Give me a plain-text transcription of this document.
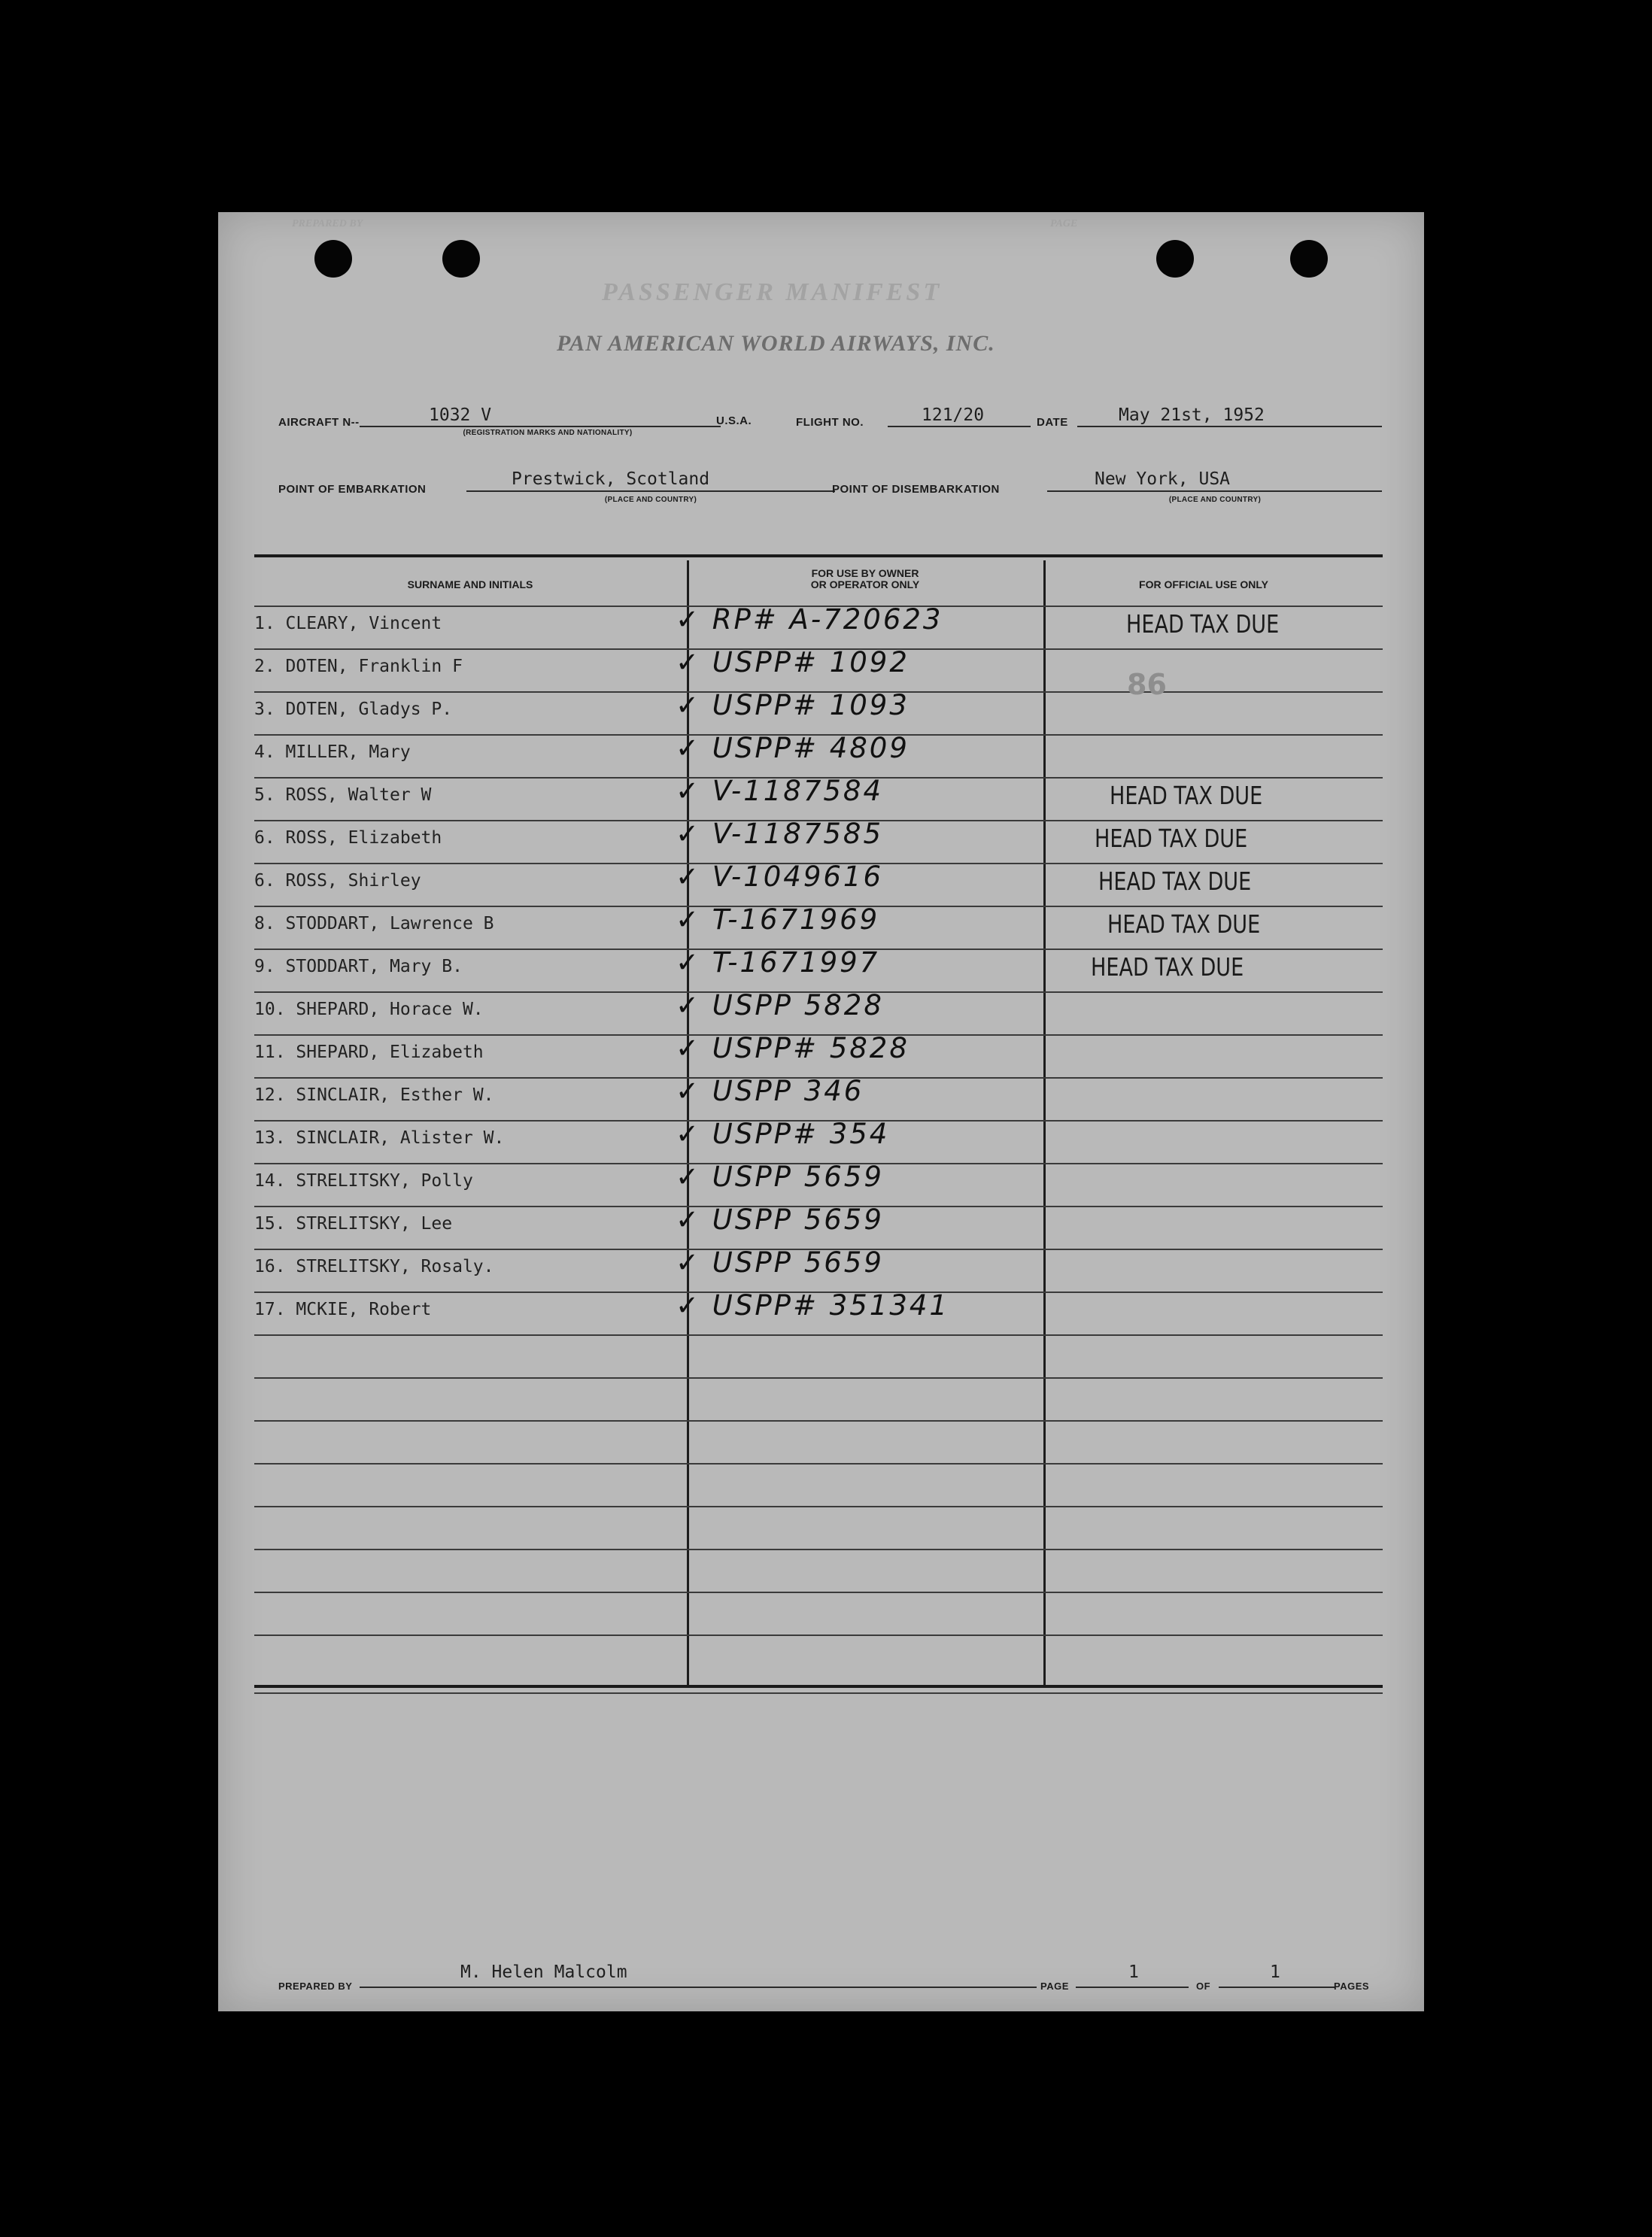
PREPARED BY	PAGE
PASSENGER MANIFEST
PAN AMERICAN WORLD AIRWAYS, INC.
AIRCRAFT N--	1032 V
(REGISTRATION MARKS AND NATIONALITY)
U.S.A.	FLIGHT NO.	121/20	DATE	May 21st, 1952
POINT OF EMBARKATION
Prestwick, Scotland
(PLACE AND COUNTRY)
POINT OF DISEMBARKATION
New York, USA
(PLACE AND COUNTRY)
SURNAME AND INITIALS
FOR USE BY OWNER
OR OPERATOR ONLY	FOR OFFICIAL USE ONLY
1. CLEARY, Vincent	✓ RP# A-720623	HEAD TAX DUE
2. DOTEN, Franklin F	✓ USPP# 1092
3. DOTEN, Gladys P.	✓ USPP# 1093
4. MILLER, Mary	✓ USPP# 4809
5. ROSS, Walter W	✓ V-1187584	HEAD TAX DUE
6. ROSS, Elizabeth	✓ V-1187585	HEAD TAX DUE
6. ROSS, Shirley	✓ V-1049616	HEAD TAX DUE
8. STODDART, Lawrence B	✓ T-1671969	HEAD TAX DUE
9. STODDART, Mary B.	✓ T-1671997	HEAD TAX DUE
10. SHEPARD, Horace W.	✓ USPP 5828
11. SHEPARD, Elizabeth	✓ USPP# 5828
12. SINCLAIR, Esther W.	✓ USPP 346
13. SINCLAIR, Alister W.	✓ USPP# 354
14. STRELITSKY, Polly	✓ USPP 5659
15. STRELITSKY, Lee	✓ USPP 5659
16. STRELITSKY, Rosaly.	✓ USPP 5659
17. MCKIE, Robert	✓ USPP# 351341
86
PREPARED BY
M. Helen Malcolm
PAGE
1
OF
1
PAGES
